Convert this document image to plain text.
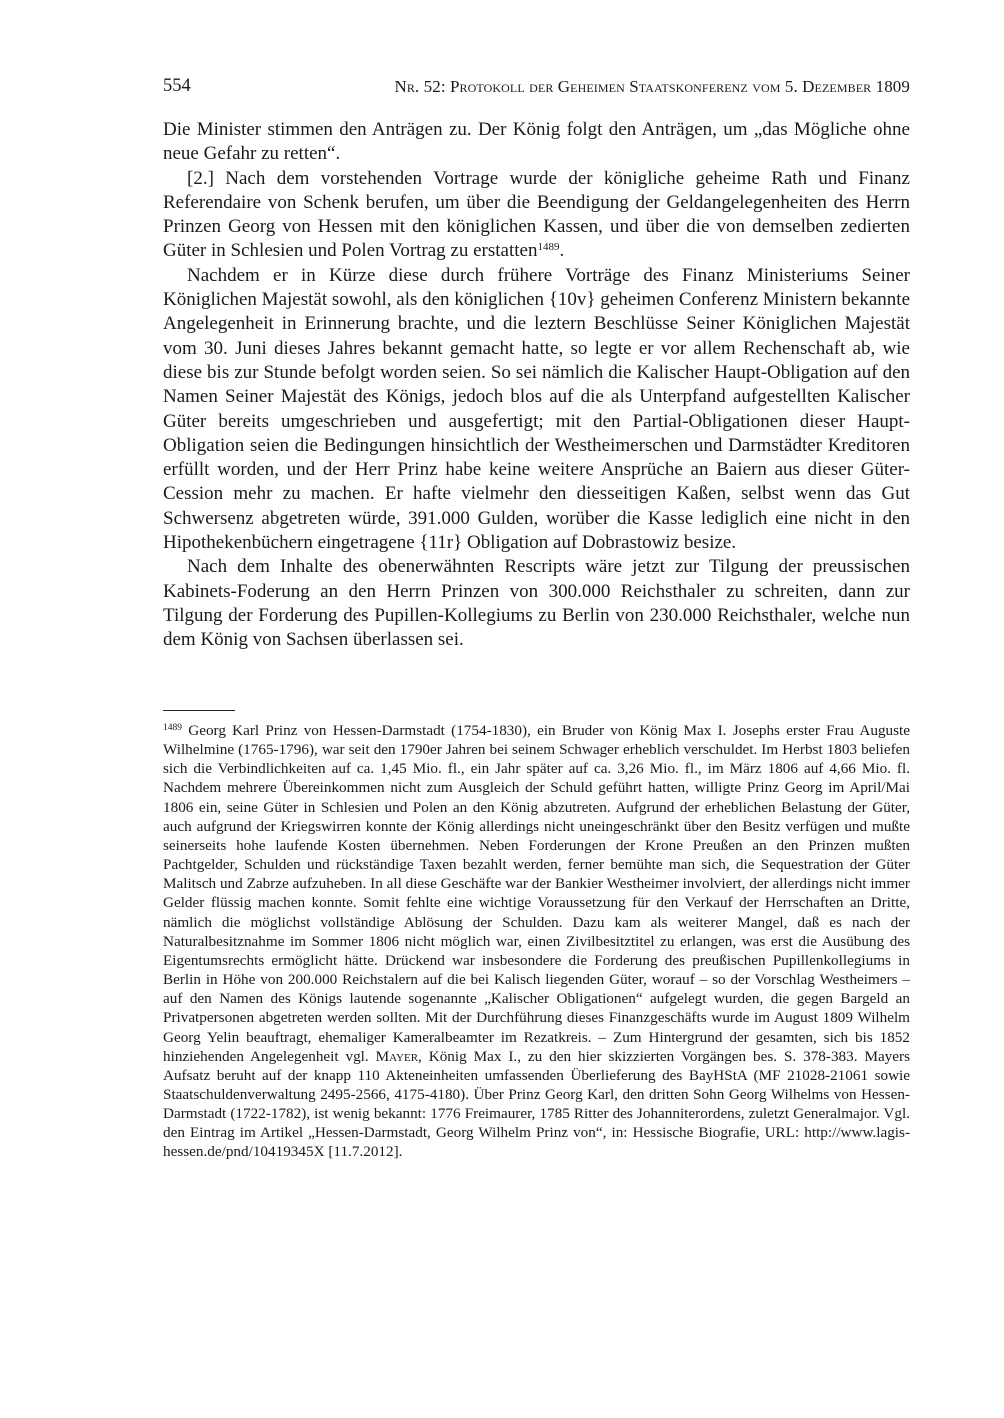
554	Nr. 52: Protokoll der Geheimen Staatskonferenz vom 5. Dezember 1809

Die Minister stimmen den Anträgen zu. Der König folgt den Anträgen, um „das Mögliche ohne neue Gefahr zu retten“.

[2.] Nach dem vorstehenden Vortrage wurde der königliche geheime Rath und Finanz Referendaire von Schenk berufen, um über die Beendigung der Geldangelegenheiten des Herrn Prinzen Georg von Hessen mit den königlichen Kassen, und über die von demselben zedierten Güter in Schlesien und Polen Vortrag zu erstatten$^{1489}$.

Nachdem er in Kürze diese durch frühere Vorträge des Finanz Ministeriums Seiner Königlichen Majestät sowohl, als den königlichen {10v} geheimen Conferenz Ministern bekannte Angelegenheit in Erinnerung brachte, und die leztern Beschlüsse Seiner Königlichen Majestät vom 30. Juni dieses Jahres bekannt gemacht hatte, so legte er vor allem Rechenschaft ab, wie diese bis zur Stunde befolgt worden seien. So sei nämlich die Kalischer Haupt-Obligation auf den Namen Seiner Majestät des Königs, jedoch blos auf die als Unterpfand aufgestellten Kalischer Güter bereits umgeschrieben und ausgefertigt; mit den Partial-Obligationen dieser Haupt-Obligation seien die Bedingungen hinsichtlich der Westheimerschen und Darmstädter Kreditoren erfüllt worden, und der Herr Prinz habe keine weitere Ansprüche an Baiern aus dieser Güter-Cession mehr zu machen. Er hafte vielmehr den diesseitigen Kaßen, selbst wenn das Gut Schwersenz abgetreten würde, 391.000 Gulden, worüber die Kasse lediglich eine nicht in den Hipothekenbüchern eingetragene {11r} Obligation auf Dobrastowiz besize.

Nach dem Inhalte des obenerwähnten Rescripts wäre jetzt zur Tilgung der preussischen Kabinets-Foderung an den Herrn Prinzen von 300.000 Reichsthaler zu schreiten, dann zur Tilgung der Forderung des Pupillen-Kollegiums zu Berlin von 230.000 Reichsthaler, welche nun dem König von Sachsen überlassen sei.

$^{1489}$ Georg Karl Prinz von Hessen-Darmstadt (1754-1830), ein Bruder von König Max I. Josephs erster Frau Auguste Wilhelmine (1765-1796), war seit den 1790er Jahren bei seinem Schwager erheblich verschuldet. Im Herbst 1803 beliefen sich die Verbindlichkeiten auf ca. 1,45 Mio. fl., ein Jahr später auf ca. 3,26 Mio. fl., im März 1806 auf 4,66 Mio. fl. Nachdem mehrere Übereinkommen nicht zum Ausgleich der Schuld geführt hatten, willigte Prinz Georg im April/Mai 1806 ein, seine Güter in Schlesien und Polen an den König abzutreten. Aufgrund der erheblichen Belastung der Güter, auch aufgrund der Kriegswirren konnte der König allerdings nicht uneingeschränkt über den Besitz verfügen und mußte seinerseits hohe laufende Kosten übernehmen. Neben Forderungen der Krone Preußen an den Prinzen mußten Pachtgelder, Schulden und rückständige Taxen bezahlt werden, ferner bemühte man sich, die Sequestration der Güter Malitsch und Zabrze aufzuheben. In all diese Geschäfte war der Bankier Westheimer involviert, der allerdings nicht immer Gelder flüssig machen konnte. Somit fehlte eine wichtige Voraussetzung für den Verkauf der Herrschaften an Dritte, nämlich die möglichst vollständige Ablösung der Schulden. Dazu kam als weiterer Mangel, daß es nach der Naturalbesitznahme im Sommer 1806 nicht möglich war, einen Zivilbesitztitel zu erlangen, was erst die Ausübung des Eigentumsrechts ermöglicht hätte. Drückend war insbesondere die Forderung des preußischen Pupillenkollegiums in Berlin in Höhe von 200.000 Reichstalern auf die bei Kalisch liegenden Güter, worauf – so der Vorschlag Westheimers – auf den Namen des Königs lautende sogenannte „Kalischer Obligationen“ aufgelegt wurden, die gegen Bargeld an Privatpersonen abgetreten werden sollten. Mit der Durchführung dieses Finanzgeschäfts wurde im August 1809 Wilhelm Georg Yelin beauftragt, ehemaliger Kameralbeamter im Rezatkreis. – Zum Hintergrund der gesamten, sich bis 1852 hinziehenden Angelegenheit vgl. Mayer, König Max I., zu den hier skizzierten Vorgängen bes. S. 378-383. Mayers Aufsatz beruht auf der knapp 110 Akteneinheiten umfassenden Überlieferung des BayHStA (MF 21028-21061 sowie Staatschuldenverwaltung 2495-2566, 4175-4180). Über Prinz Georg Karl, den dritten Sohn Georg Wilhelms von Hessen-Darmstadt (1722-1782), ist wenig bekannt: 1776 Freimaurer, 1785 Ritter des Johanniterordens, zuletzt Generalmajor. Vgl. den Eintrag im Artikel „Hessen-Darmstadt, Georg Wilhelm Prinz von“, in: Hessische Biografie, URL: http://www.lagis-hessen.de/pnd/10419345X [11.7.2012].
